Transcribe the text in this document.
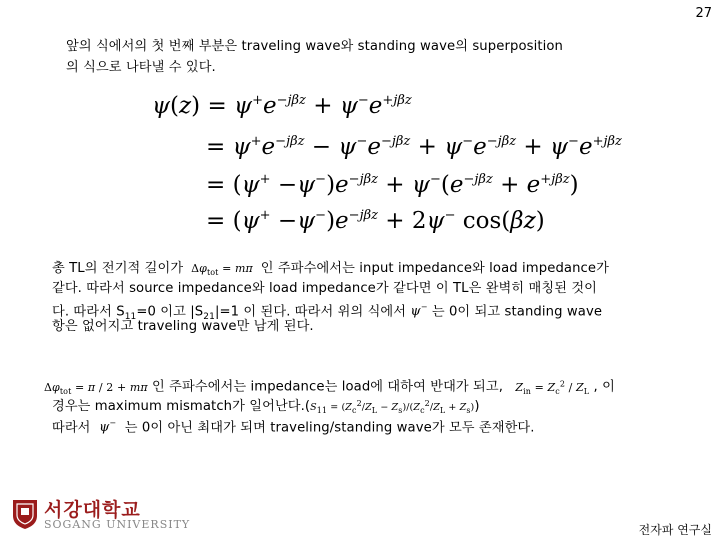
27
앞의 식에서의 첫 번째 부분은 traveling wave와 standing wave의 superposition
의 식으로 나타낼 수 있다.
$\psi(z) = \psi^+e^{-j\beta z} + \psi^-e^{+j\beta z}$
= $\psi^+e^{-j\beta z} - \psi^-e^{-j\beta z} + \psi^-e^{-j\beta z} + \psi^-e^{+j\beta z}$
= $(\psi^+ -\psi^-)e^{-j\beta z} + \psi^-(e^{-j\beta z} + e^{+j\beta z})$
= $(\psi^+ -\psi^-)e^{-j\beta z} + 2\psi^-$ cos(βz)
총 TL의 전기적 길이가  $\Delta\varphi_{tot} = m\pi$ 인 주파수에서는 input impedance와 load impedance가
같다. 따라서 source impedance와 load impedance가 같다면 이 TL은 완벽히 매칭된 것이
다. 따라서 $S_{11}=0$ 이고 $|S_{21}|=1$ 이 된다. 따라서 위의 식에서 ψ− 는 0이 되고 standing wave
항은 없어지고 traveling wave만 남게 된다.
$\Delta\varphi_{tot} = \pi / 2 + m\pi$ 인 주파수에서는 impedance는 load에 대하여 반대가 되고, $Z_{in} = Z_c^2 / Z_L$ , 이
경우는 maximum mismatch가 일어난다$.(S_{11} = (Z_c^2/Z_L - Z_s)/(Z_c^2/Z_L + Z_s))$
따라서 ψ− 는 0이 아닌 최대가 되며 traveling/standing wave가 모두 존재한다.
서강대학교
SOGANG UNIVERSITY	전자파 연구실
